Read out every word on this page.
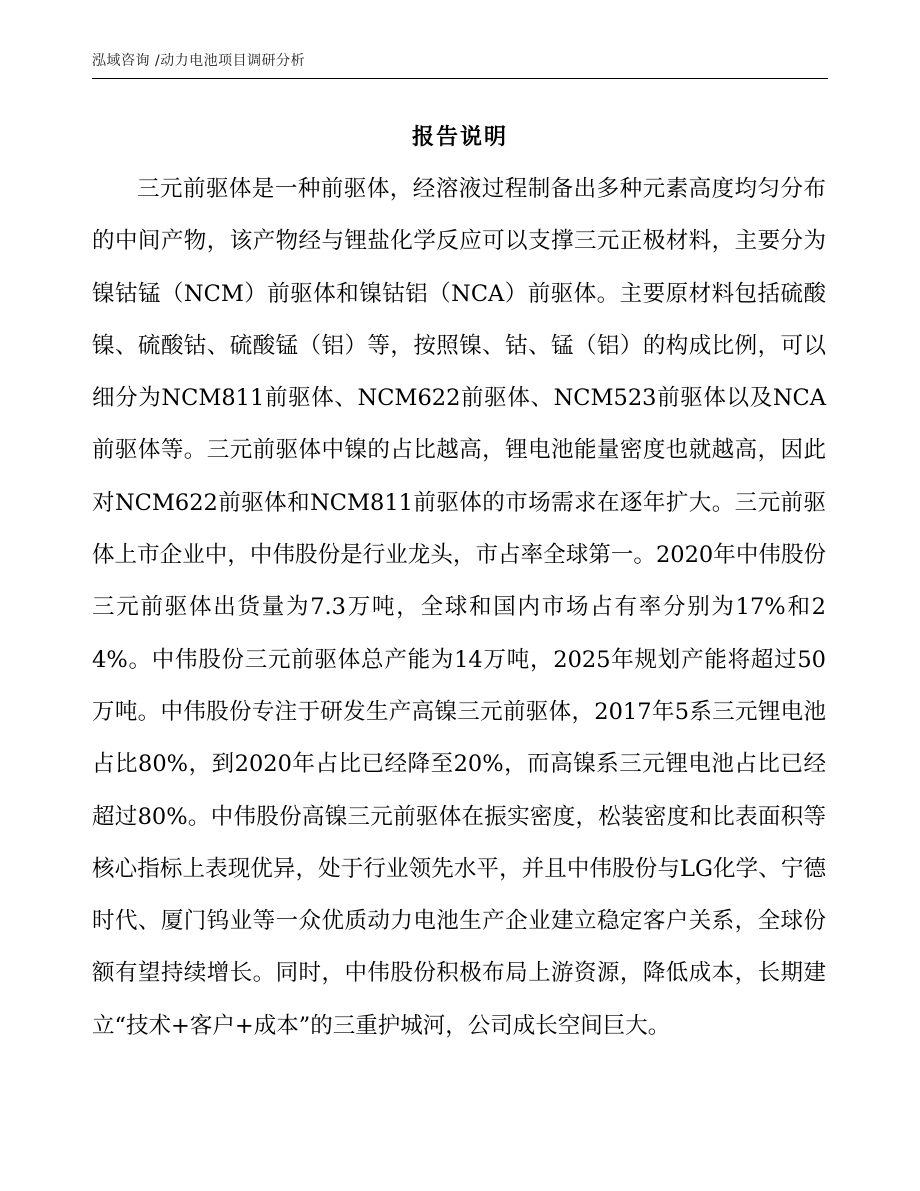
泓域咨询 /动力电池项目调研分析
报告说明

三元前驱体是一种前驱体，经溶液过程制备出多种元素高度均匀分布的中间产物，该产物经与锂盐化学反应可以支撑三元正极材料，主要分为镍钴锰（NCM）前驱体和镍钴铝（NCA）前驱体。主要原材料包括硫酸镍、硫酸钴、硫酸锰（铝）等，按照镍、钴、锰（铝）的构成比例，可以细分为NCM811前驱体、NCM622前驱体、NCM523前驱体以及NCA前驱体等。三元前驱体中镍的占比越高，锂电池能量密度也就越高，因此对NCM622前驱体和NCM811前驱体的市场需求在逐年扩大。三元前驱体上市企业中，中伟股份是行业龙头，市占率全球第一。2020年中伟股份三元前驱体出货量为7.3万吨，全球和国内市场占有率分别为17%和24%。中伟股份三元前驱体总产能为14万吨，2025年规划产能将超过50万吨。中伟股份专注于研发生产高镍三元前驱体，2017年5系三元锂电池占比80%，到2020年占比已经降至20%，而高镍系三元锂电池占比已经超过80%。中伟股份高镍三元前驱体在振实密度，松装密度和比表面积等核心指标上表现优异，处于行业领先水平，并且中伟股份与LG化学、宁德时代、厦门钨业等一众优质动力电池生产企业建立稳定客户关系，全球份额有望持续增长。同时，中伟股份积极布局上游资源，降低成本，长期建立“技术+客户+成本”的三重护城河，公司成长空间巨大。
